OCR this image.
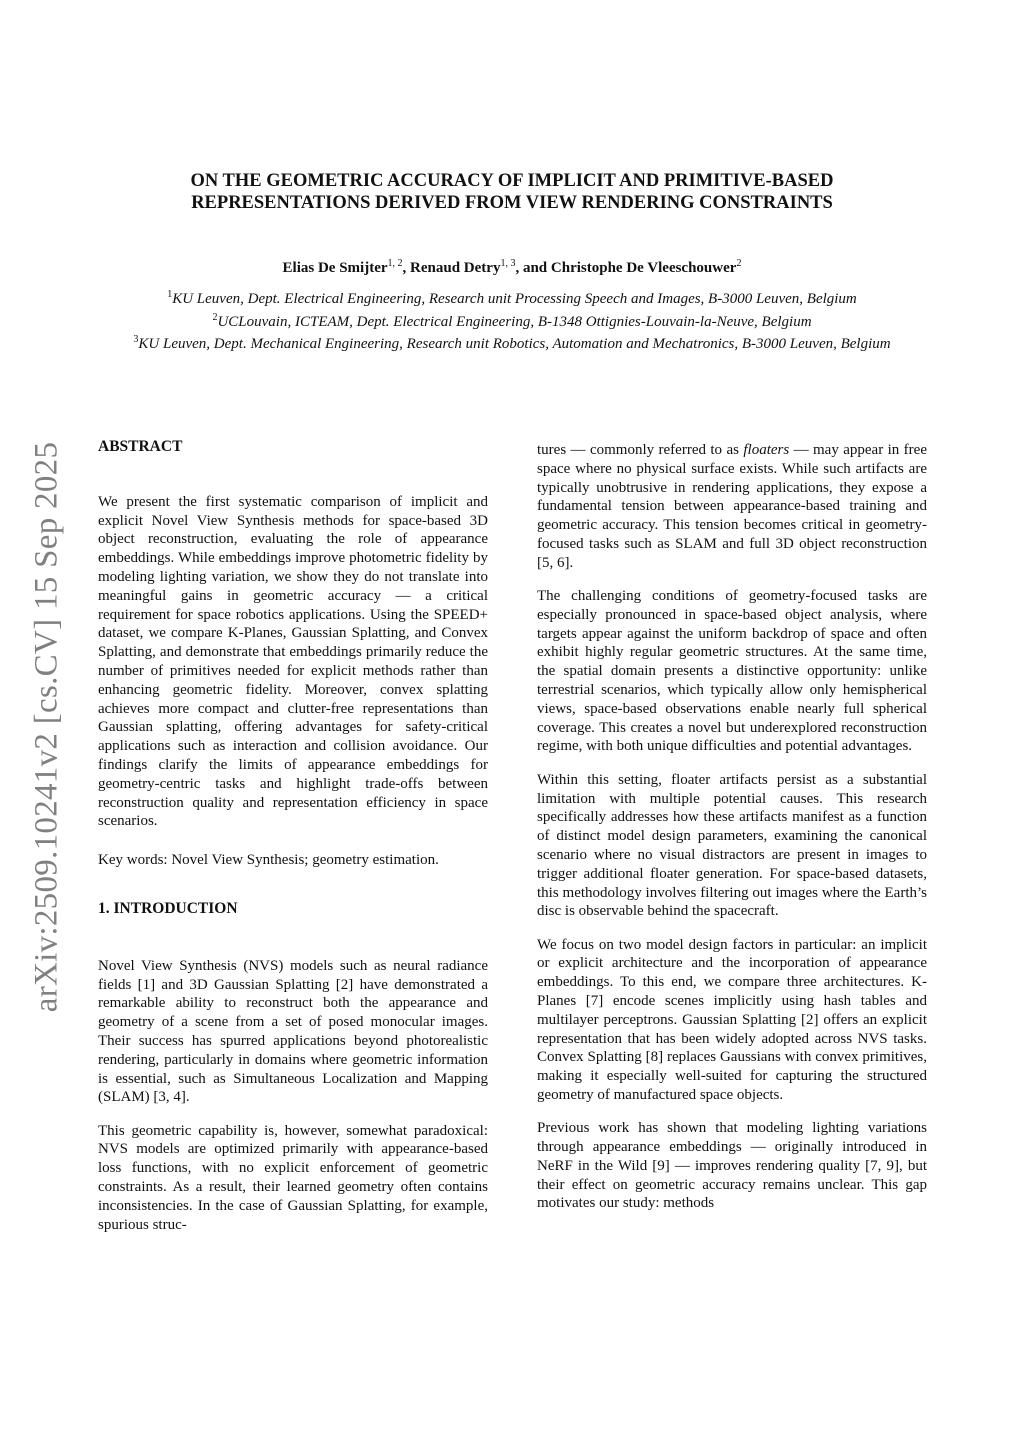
arXiv:2509.10241v2 [cs.CV] 15 Sep 2025
ON THE GEOMETRIC ACCURACY OF IMPLICIT AND PRIMITIVE-BASED
REPRESENTATIONS DERIVED FROM VIEW RENDERING CONSTRAINTS
Elias De Smijter$^{1, 2}$, Renaud Detry$^{1, 3}$, and Christophe De Vleeschouwer$^2$
$^1$KU Leuven, Dept. Electrical Engineering, Research unit Processing Speech and Images, B-3000 Leuven, Belgium
$^2$UCLouvain, ICTEAM, Dept. Electrical Engineering, B-1348 Ottignies-Louvain-la-Neuve, Belgium
$^3$KU Leuven, Dept. Mechanical Engineering, Research unit Robotics, Automation and Mechatronics, B-3000 Leuven, Belgium
ABSTRACT

We present the first systematic comparison of implicit and explicit Novel View Synthesis methods for space-based 3D object reconstruction, evaluating the role of appearance embeddings. While embeddings improve photometric fidelity by modeling lighting variation, we show they do not translate into meaningful gains in geometric accuracy — a critical requirement for space robotics applications. Using the SPEED+ dataset, we compare K-Planes, Gaussian Splatting, and Convex Splatting, and demonstrate that embeddings primarily reduce the number of primitives needed for explicit methods rather than enhancing geometric fidelity. Moreover, convex splatting achieves more compact and clutter-free representations than Gaussian splatting, offering advantages for safety-critical applications such as interaction and collision avoidance. Our findings clarify the limits of appearance embeddings for geometry-centric tasks and highlight trade-offs between reconstruction quality and representation efficiency in space scenarios.

Key words: Novel View Synthesis; geometry estimation.

1. INTRODUCTION

Novel View Synthesis (NVS) models such as neural radiance fields [1] and 3D Gaussian Splatting [2] have demonstrated a remarkable ability to reconstruct both the appearance and geometry of a scene from a set of posed monocular images. Their success has spurred applications beyond photorealistic rendering, particularly in domains where geometric information is essential, such as Simultaneous Localization and Mapping (SLAM) [3, 4].

This geometric capability is, however, somewhat paradoxical: NVS models are optimized primarily with appearance-based loss functions, with no explicit enforcement of geometric constraints. As a result, their learned geometry often contains inconsistencies. In the case of Gaussian Splatting, for example, spurious struc-

tures — commonly referred to as floaters — may appear in free space where no physical surface exists. While such artifacts are typically unobtrusive in rendering applications, they expose a fundamental tension between appearance-based training and geometric accuracy. This tension becomes critical in geometry-focused tasks such as SLAM and full 3D object reconstruction [5, 6].

The challenging conditions of geometry-focused tasks are especially pronounced in space-based object analysis, where targets appear against the uniform backdrop of space and often exhibit highly regular geometric structures. At the same time, the spatial domain presents a distinctive opportunity: unlike terrestrial scenarios, which typically allow only hemispherical views, space-based observations enable nearly full spherical coverage. This creates a novel but underexplored reconstruction regime, with both unique difficulties and potential advantages.

Within this setting, floater artifacts persist as a substantial limitation with multiple potential causes. This research specifically addresses how these artifacts manifest as a function of distinct model design parameters, examining the canonical scenario where no visual distractors are present in images to trigger additional floater generation. For space-based datasets, this methodology involves filtering out images where the Earth’s disc is observable behind the spacecraft.

We focus on two model design factors in particular: an implicit or explicit architecture and the incorporation of appearance embeddings. To this end, we compare three architectures. K-Planes [7] encode scenes implicitly using hash tables and multilayer perceptrons. Gaussian Splatting [2] offers an explicit representation that has been widely adopted across NVS tasks. Convex Splatting [8] replaces Gaussians with convex primitives, making it especially well-suited for capturing the structured geometry of manufactured space objects.

Previous work has shown that modeling lighting variations through appearance embeddings — originally introduced in NeRF in the Wild [9] — improves rendering quality [7, 9], but their effect on geometric accuracy remains unclear. This gap motivates our study: methods
